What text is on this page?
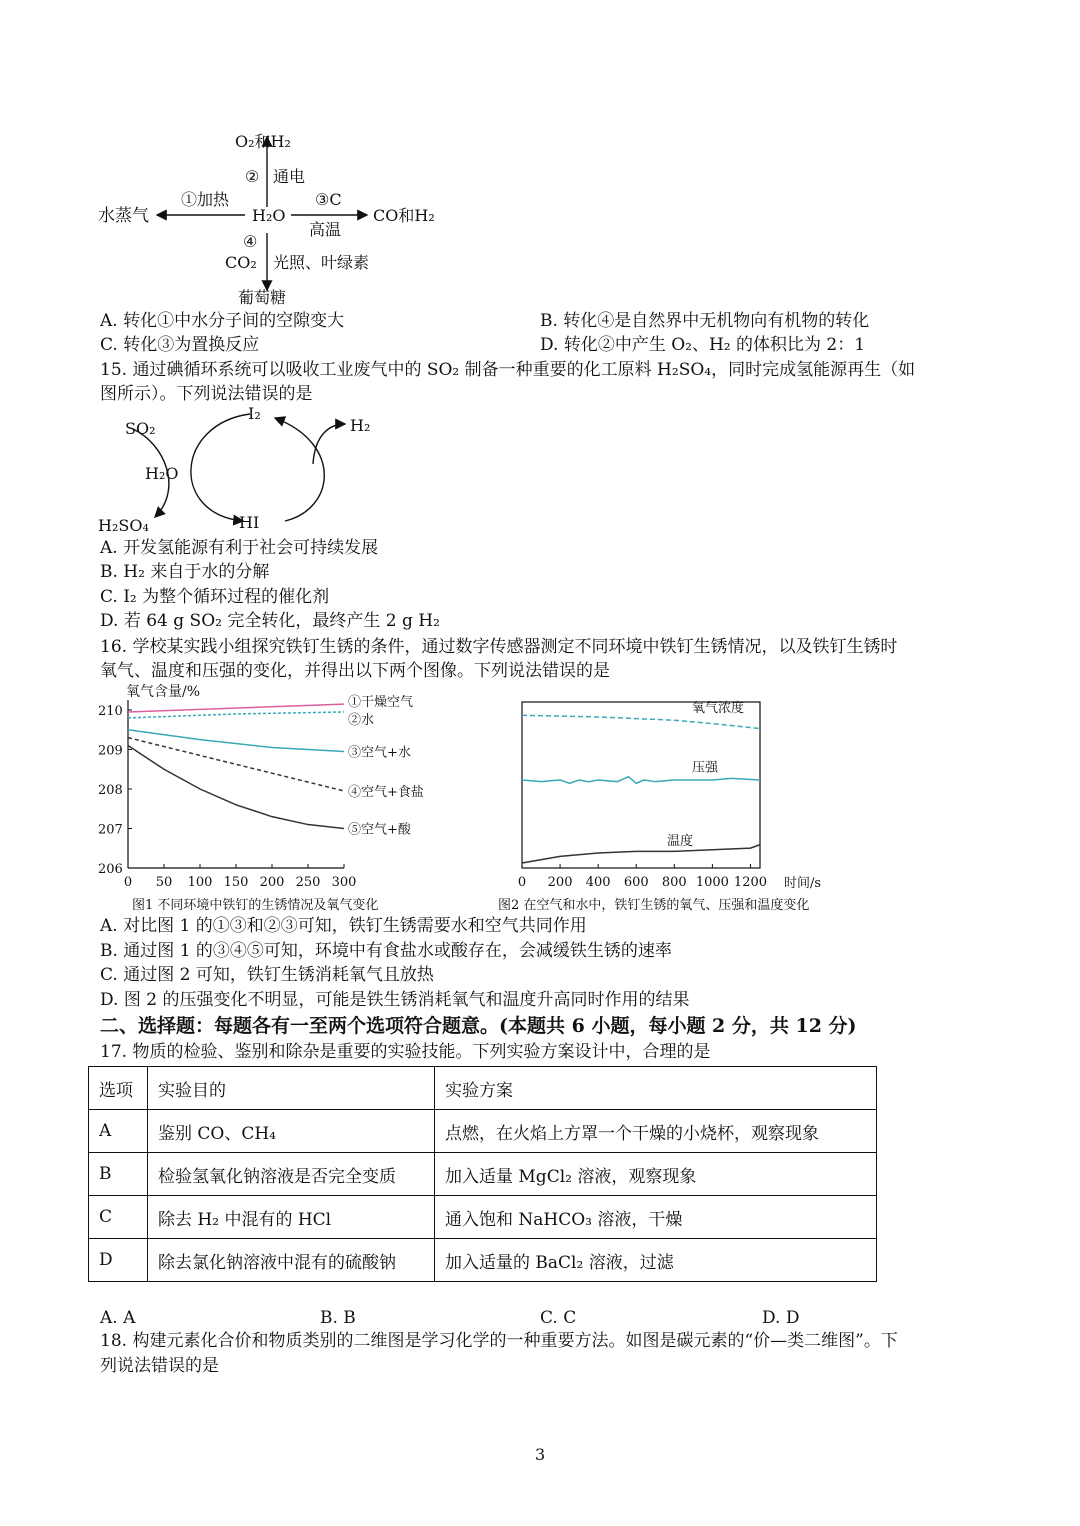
O₂和H₂
② 通电
①加热
水蒸气	H₂O
③C
高温
CO和H₂
④
CO₂ 光照、叶绿素
葡萄糖
A. 转化①中水分子间的空隙变大	B. 转化④是自然界中无机物向有机物的转化
C. 转化③为置换反应	D. 转化②中产生 O₂、H₂ 的体积比为 2：1
15. 通过碘循环系统可以吸收工业废气中的 SO₂ 制备一种重要的化工原料 H₂SO₄，同时完成氢能源再生（如
图所示）。下列说法错误的是
SO₂
I₂
H₂
H₂O
H₂SO₄	HI
A. 开发氢能源有利于社会可持续发展
B. H₂ 来自于水的分解
C. I₂ 为整个循环过程的催化剂
D. 若 64 g SO₂ 完全转化，最终产生 2 g H₂
16. 学校某实践小组探究铁钉生锈的条件，通过数字传感器测定不同环境中铁钉生锈情况，以及铁钉生锈时
氧气、温度和压强的变化，并得出以下两个图像。下列说法错误的是
氧气含量/%
图1 不同环境中铁钉的生锈情况及氧气变化
206
207
208
209
210
0 50 100 150 200 250 300
①干燥空气
②水
③空气+水
④空气+食盐
⑤空气+酸
时间/s
图2 在空气和水中，铁钉生锈的氧气、压强和温度变化
0 200 400 600 800 1000 1200
氧气浓度
压强
温度
A. 对比图 1 的①③和②③可知，铁钉生锈需要水和空气共同作用
B. 通过图 1 的③④⑤可知，环境中有食盐水或酸存在，会减缓铁生锈的速率
C. 通过图 2 可知，铁钉生锈消耗氧气且放热
D. 图 2 的压强变化不明显，可能是铁生锈消耗氧气和温度升高同时作用的结果
二、选择题：每题各有一至两个选项符合题意。(本题共 6 小题，每小题 2 分，共 12 分)
17. 物质的检验、鉴别和除杂是重要的实验技能。下列实验方案设计中，合理的是
选项	实验目的	实验方案
A	鉴别 CO、CH₄	点燃，在火焰上方罩一个干燥的小烧杯，观察现象
B	检验氢氧化钠溶液是否完全变质	加入适量 MgCl₂ 溶液，观察现象
C	除去 H₂ 中混有的 HCl	通入饱和 NaHCO₃ 溶液，干燥
D	除去氯化钠溶液中混有的硫酸钠	加入适量的 BaCl₂ 溶液，过滤
A. A	B. B	C. C	D. D
18. 构建元素化合价和物质类别的二维图是学习化学的一种重要方法。如图是碳元素的“价—类二维图”。下
列说法错误的是
3
